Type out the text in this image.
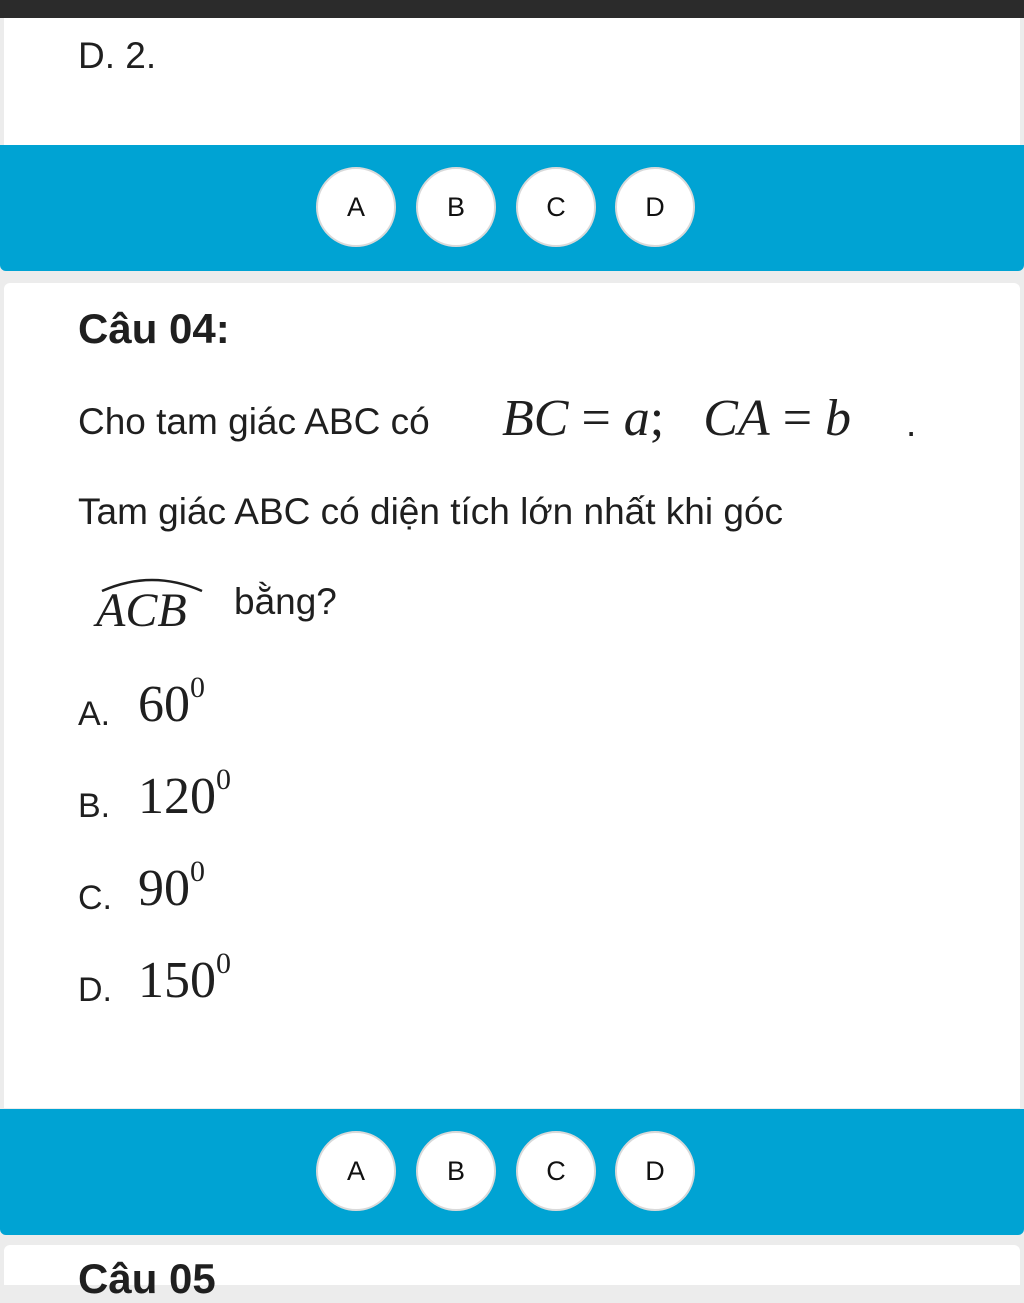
D. 2.
A	B	C	D
Câu 04:
Cho tam giác ABC có BC = a; CA = b .
Tam giác ABC có diện tích lớn nhất khi góc
ACB bằng?
A. $60^0$
B. $120^0$
C. $90^0$
D. $150^0$
A	B	C	D
Câu 05
